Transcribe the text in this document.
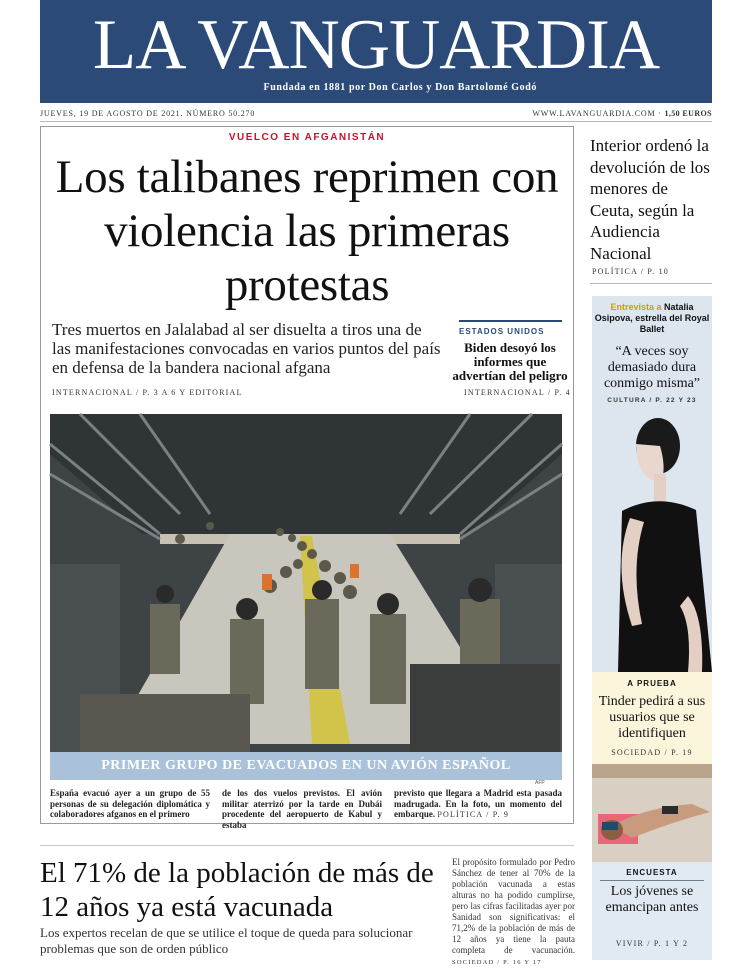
LA VANGUARDIA
Fundada en 1881 por Don Carlos y Don Bartolomé Godó
JUEVES, 19 DE AGOSTO DE 2021. NÚMERO 50.270	WWW.LAVANGUARDIA.COM · 1,50 EUROS
VUELCO EN AFGANISTÁN
Los talibanes reprimen con violencia las primeras protestas

Tres muertos en Jalalabad al ser disuelta a tiros una de las manifestaciones convocadas en varios puntos del país en defensa de la bandera nacional afgana

INTERNACIONAL / P. 3 A 6 Y EDITORIAL
ESTADOS UNIDOS
Biden desoyó los informes que advertían del peligro
INTERNACIONAL / P. 4
PRIMER GRUPO DE EVACUADOS EN UN AVIÓN ESPAÑOL
AFP

España evacuó ayer a un grupo de 55 personas de su delegación diplomática y colaboradores afganos en el primero

de los dos vuelos previstos. El avión militar aterrizó por la tarde en Dubái procedente del aeropuerto de Kabul y estaba

previsto que llegara a Madrid esta pasada madrugada. En la foto, un momento del embarque. POLÍTICA / P. 9

El 71% de la población de más de 12 años ya está vacunada

Los expertos recelan de que se utilice el toque de queda para solucionar problemas que son de orden público

El propósito formulado por Pedro Sánchez de tener al 70% de la población vacunada a estas alturas no ha podido cumplirse, pero las cifras facilitadas ayer por Sanidad son significativas: el 71,2% de la población de más de 12 años ya tiene la pauta completa de vacunación. SOCIEDAD / P. 16 Y 17

Interior ordenó la devolución de los menores de Ceuta, según la Audiencia Nacional
POLÍTICA / P. 10
Entrevista a Natalia Osipova, estrella del Royal Ballet
“A veces soy demasiado dura conmigo misma”
CULTURA / P. 22 Y 23
A PRUEBA
Tinder pedirá a sus usuarios que se identifiquen
SOCIEDAD / P. 19
ENCUESTA
Los jóvenes se emancipan antes
VIVIR / P. 1 Y 2
